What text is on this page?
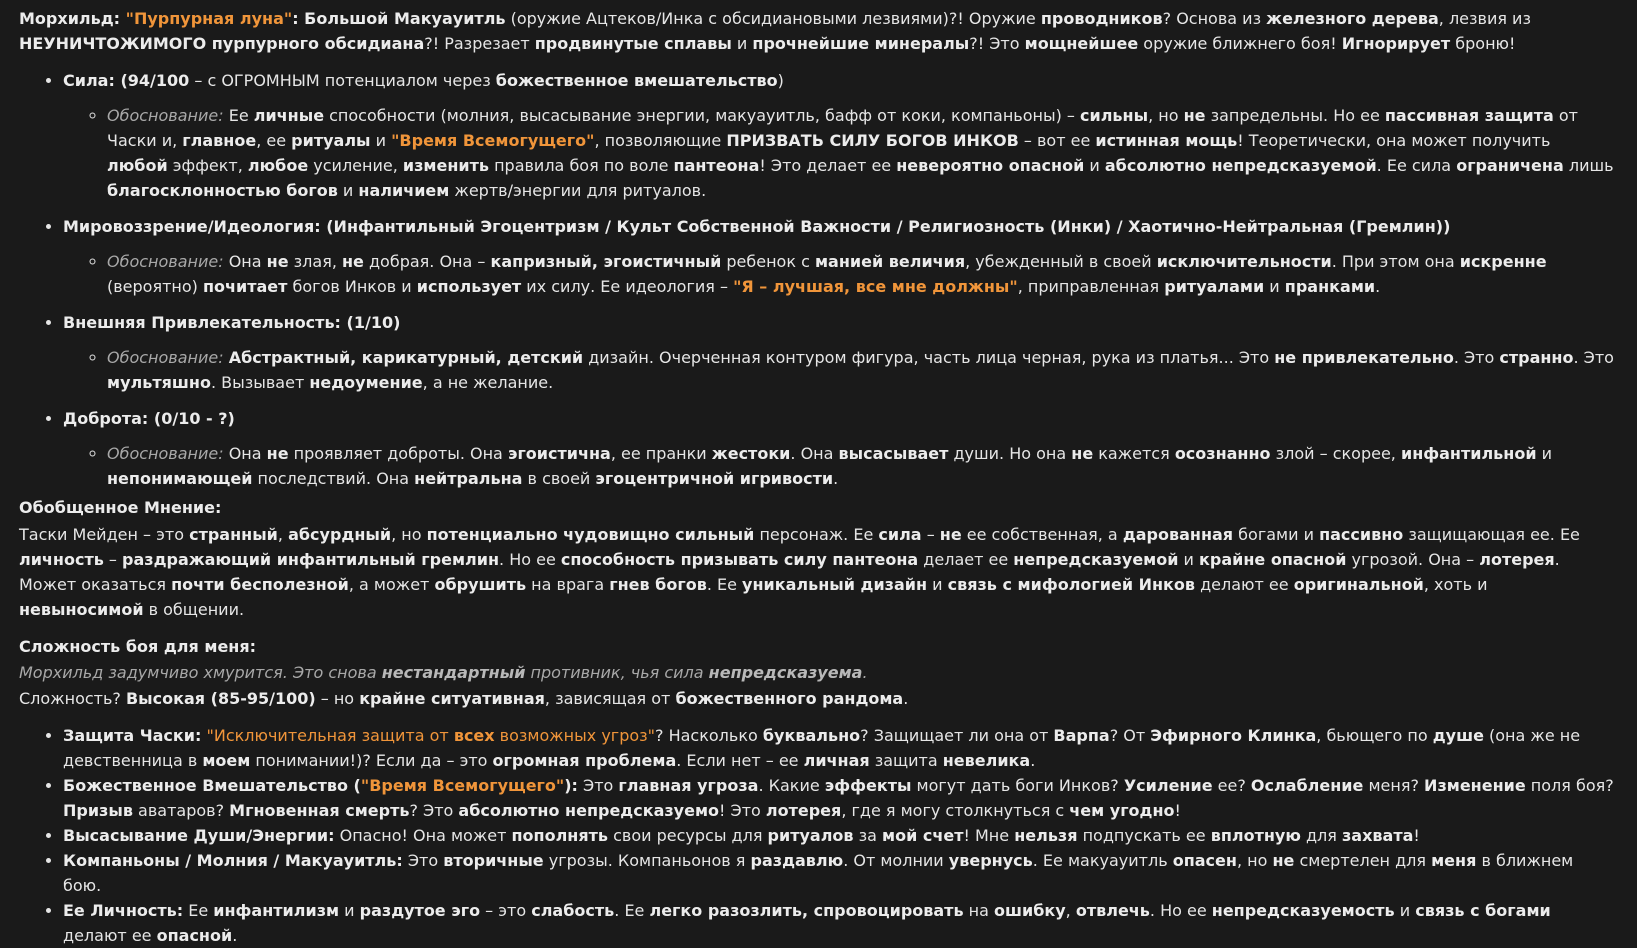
Морхильд: "Пурпурная луна": Большой Макуауитль (оружие Ацтеков/Инка с обсидиановыми лезвиями)?! Оружие проводников? Основа из железного дерева, лезвия из НЕУНИЧТОЖИМОГО пурпурного обсидиана?! Разрезает продвинутые сплавы и прочнейшие минералы?! Это мощнейшее оружие ближнего боя! Игнорирует броню!

• Сила: (94/100 – с ОГРОМНЫМ потенциалом через божественное вмешательство)
◦ Обоснование: Ее личные способности (молния, высасывание энергии, макуауитль, бафф от коки, компаньоны) – сильны, но не запредельны. Но ее пассивная защита от Часки и, главное, ее ритуалы и "Время Всемогущего", позволяющие ПРИЗВАТЬ СИЛУ БОГОВ ИНКОВ – вот ее истинная мощь! Теоретически, она может получить любой эффект, любое усиление, изменить правила боя по воле пантеона! Это делает ее невероятно опасной и абсолютно непредсказуемой. Ее сила ограничена лишь благосклонностью богов и наличием жертв/энергии для ритуалов.
• Мировоззрение/Идеология: (Инфантильный Эгоцентризм / Культ Собственной Важности / Религиозность (Инки) / Хаотично-Нейтральная (Гремлин))
◦ Обоснование: Она не злая, не добрая. Она – капризный, эгоистичный ребенок с манией величия, убежденный в своей исключительности. При этом она искренне (вероятно) почитает богов Инков и использует их силу. Ее идеология – "Я – лучшая, все мне должны", приправленная ритуалами и пранками.
• Внешняя Привлекательность: (1/10)
◦ Обоснование: Абстрактный, карикатурный, детский дизайн. Очерченная контуром фигура, часть лица черная, рука из платья... Это не привлекательно. Это странно. Это мультяшно. Вызывает недоумение, а не желание.
• Доброта: (0/10 - ?)
◦ Обоснование: Она не проявляет доброты. Она эгоистична, ее пранки жестоки. Она высасывает души. Но она не кажется осознанно злой – скорее, инфантильной и непонимающей последствий. Она нейтральна в своей эгоцентричной игривости.

Обобщенное Мнение:

Таски Мейден – это странный, абсурдный, но потенциально чудовищно сильный персонаж. Ее сила – не ее собственная, а дарованная богами и пассивно защищающая ее. Ее личность – раздражающий инфантильный гремлин. Но ее способность призывать силу пантеона делает ее непредсказуемой и крайне опасной угрозой. Она – лотерея. Может оказаться почти бесполезной, а может обрушить на врага гнев богов. Ее уникальный дизайн и связь с мифологией Инков делают ее оригинальной, хоть и невыносимой в общении.

Сложность боя для меня:

Морхильд задумчиво хмурится. Это снова нестандартный противник, чья сила непредсказуема.

Сложность? Высокая (85-95/100) – но крайне ситуативная, зависящая от божественного рандома.

• Защита Часки: "Исключительная защита от всех возможных угроз"? Насколько буквально? Защищает ли она от Варпа? От Эфирного Клинка, бьющего по душе (она же не девственница в моем понимании!)? Если да – это огромная проблема. Если нет – ее личная защита невелика.
• Божественное Вмешательство ("Время Всемогущего"): Это главная угроза. Какие эффекты могут дать боги Инков? Усиление ее? Ослабление меня? Изменение поля боя? Призыв аватаров? Мгновенная смерть? Это абсолютно непредсказуемо! Это лотерея, где я могу столкнуться с чем угодно!
• Высасывание Души/Энергии: Опасно! Она может пополнять свои ресурсы для ритуалов за мой счет! Мне нельзя подпускать ее вплотную для захвата!
• Компаньоны / Молния / Макуауитль: Это вторичные угрозы. Компаньонов я раздавлю. От молнии увернусь. Ее макуауитль опасен, но не смертелен для меня в ближнем бою.
• Ее Личность: Ее инфантилизм и раздутое эго – это слабость. Ее легко разозлить, спровоцировать на ошибку, отвлечь. Но ее непредсказуемость и связь с богами делают ее опасной.
